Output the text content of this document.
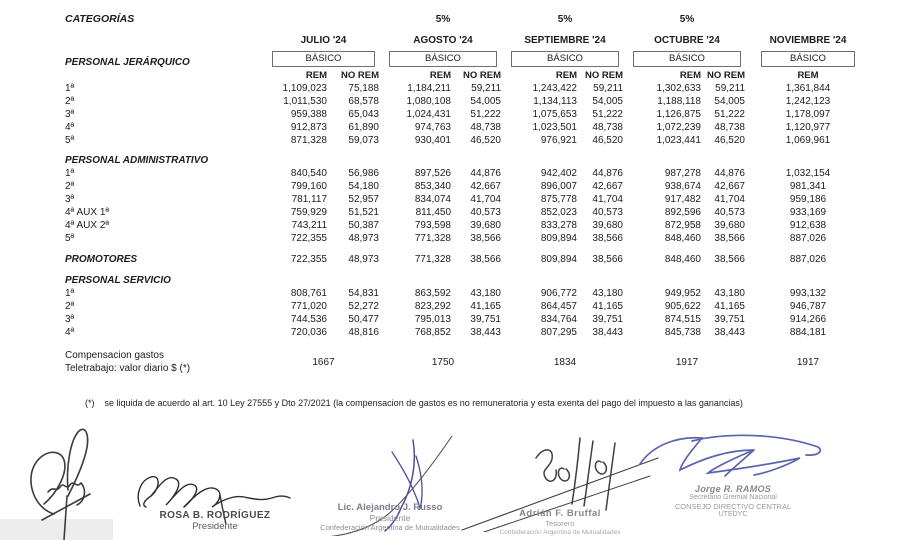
CATEGORÍAS			5%		5%		5%		
	JULIO '24		AGOSTO '24		SEPTIEMBRE '24		OCTUBRE '24		NOVIEMBRE '24
PERSONAL JERÁRQUICO	BÁSICO		BÁSICO		BÁSICO		BÁSICO		BÁSICO

	REM	NO REM	REM	NO REM	REM	NO REM	REM	NO REM	REM
1ª	1,109,023	75,188	1,184,211	59,211	1,243,422	59,211	1,302,633	59,211	1,361,844
2ª	1,011,530	68,578	1,080,108	54,005	1,134,113	54,005	1,188,118	54,005	1,242,123
3ª	959,388	65,043	1,024,431	51,222	1,075,653	51,222	1,126,875	51,222	1,178,097
4ª	912,873	61,890	974,763	48,738	1,023,501	48,738	1,072,239	48,738	1,120,977
5ª	871,328	59,073	930,401	46,520	976,921	46,520	1,023,441	46,520	1,069,961

PERSONAL ADMINISTRATIVO									
1ª	840,540	56,986	897,526	44,876	942,402	44,876	987,278	44,876	1,032,154
2ª	799,160	54,180	853,340	42,667	896,007	42,667	938,674	42,667	981,341
3ª	781,117	52,957	834,074	41,704	875,778	41,704	917,482	41,704	959,186
4ª AUX 1ª	759,929	51,521	811,450	40,573	852,023	40,573	892,596	40,573	933,169
4ª AUX 2ª	743,211	50,387	793,598	39,680	833,278	39,680	872,958	39,680	912,638
5ª	722,355	48,973	771,328	38,566	809,894	38,566	848,460	38,566	887,026

PROMOTORES	722,355	48,973	771,328	38,566	809,894	38,566	848,460	38,566	887,026

PERSONAL SERVICIO									
1ª	808,761	54,831	863,592	43,180	906,772	43,180	949,952	43,180	993,132
2ª	771,020	52,272	823,292	41,165	864,457	41,165	905,622	41,165	946,787
3ª	744,536	50,477	795,013	39,751	834,764	39,751	874,515	39,751	914,266
4ª	720,036	48,816	768,852	38,443	807,295	38,443	845,738	38,443	884,181

Compensacion gastos
Teletrabajo: valor diario $ (*)	1667		1750		1834		1917		1917
(*) se liquida de acuerdo al art. 10 Ley 27555 y Dto 27/2021 (la compensacion de gastos es no remuneratoria y esta exenta del pago del impuesto a las ganancias)
ROSA B. RODRÍGUEZ
Presidente
Lic. Alejandro J. Russo
Presidente
Confederación Argentina de Mutualidades
Adrián F. Bruffal
Tesorero
Confederación Argentina de Mutualidades
Jorge R. RAMOS
Secretario Gremial Nacional
CONSEJO DIRECTIVO CENTRAL
UTEDYC
